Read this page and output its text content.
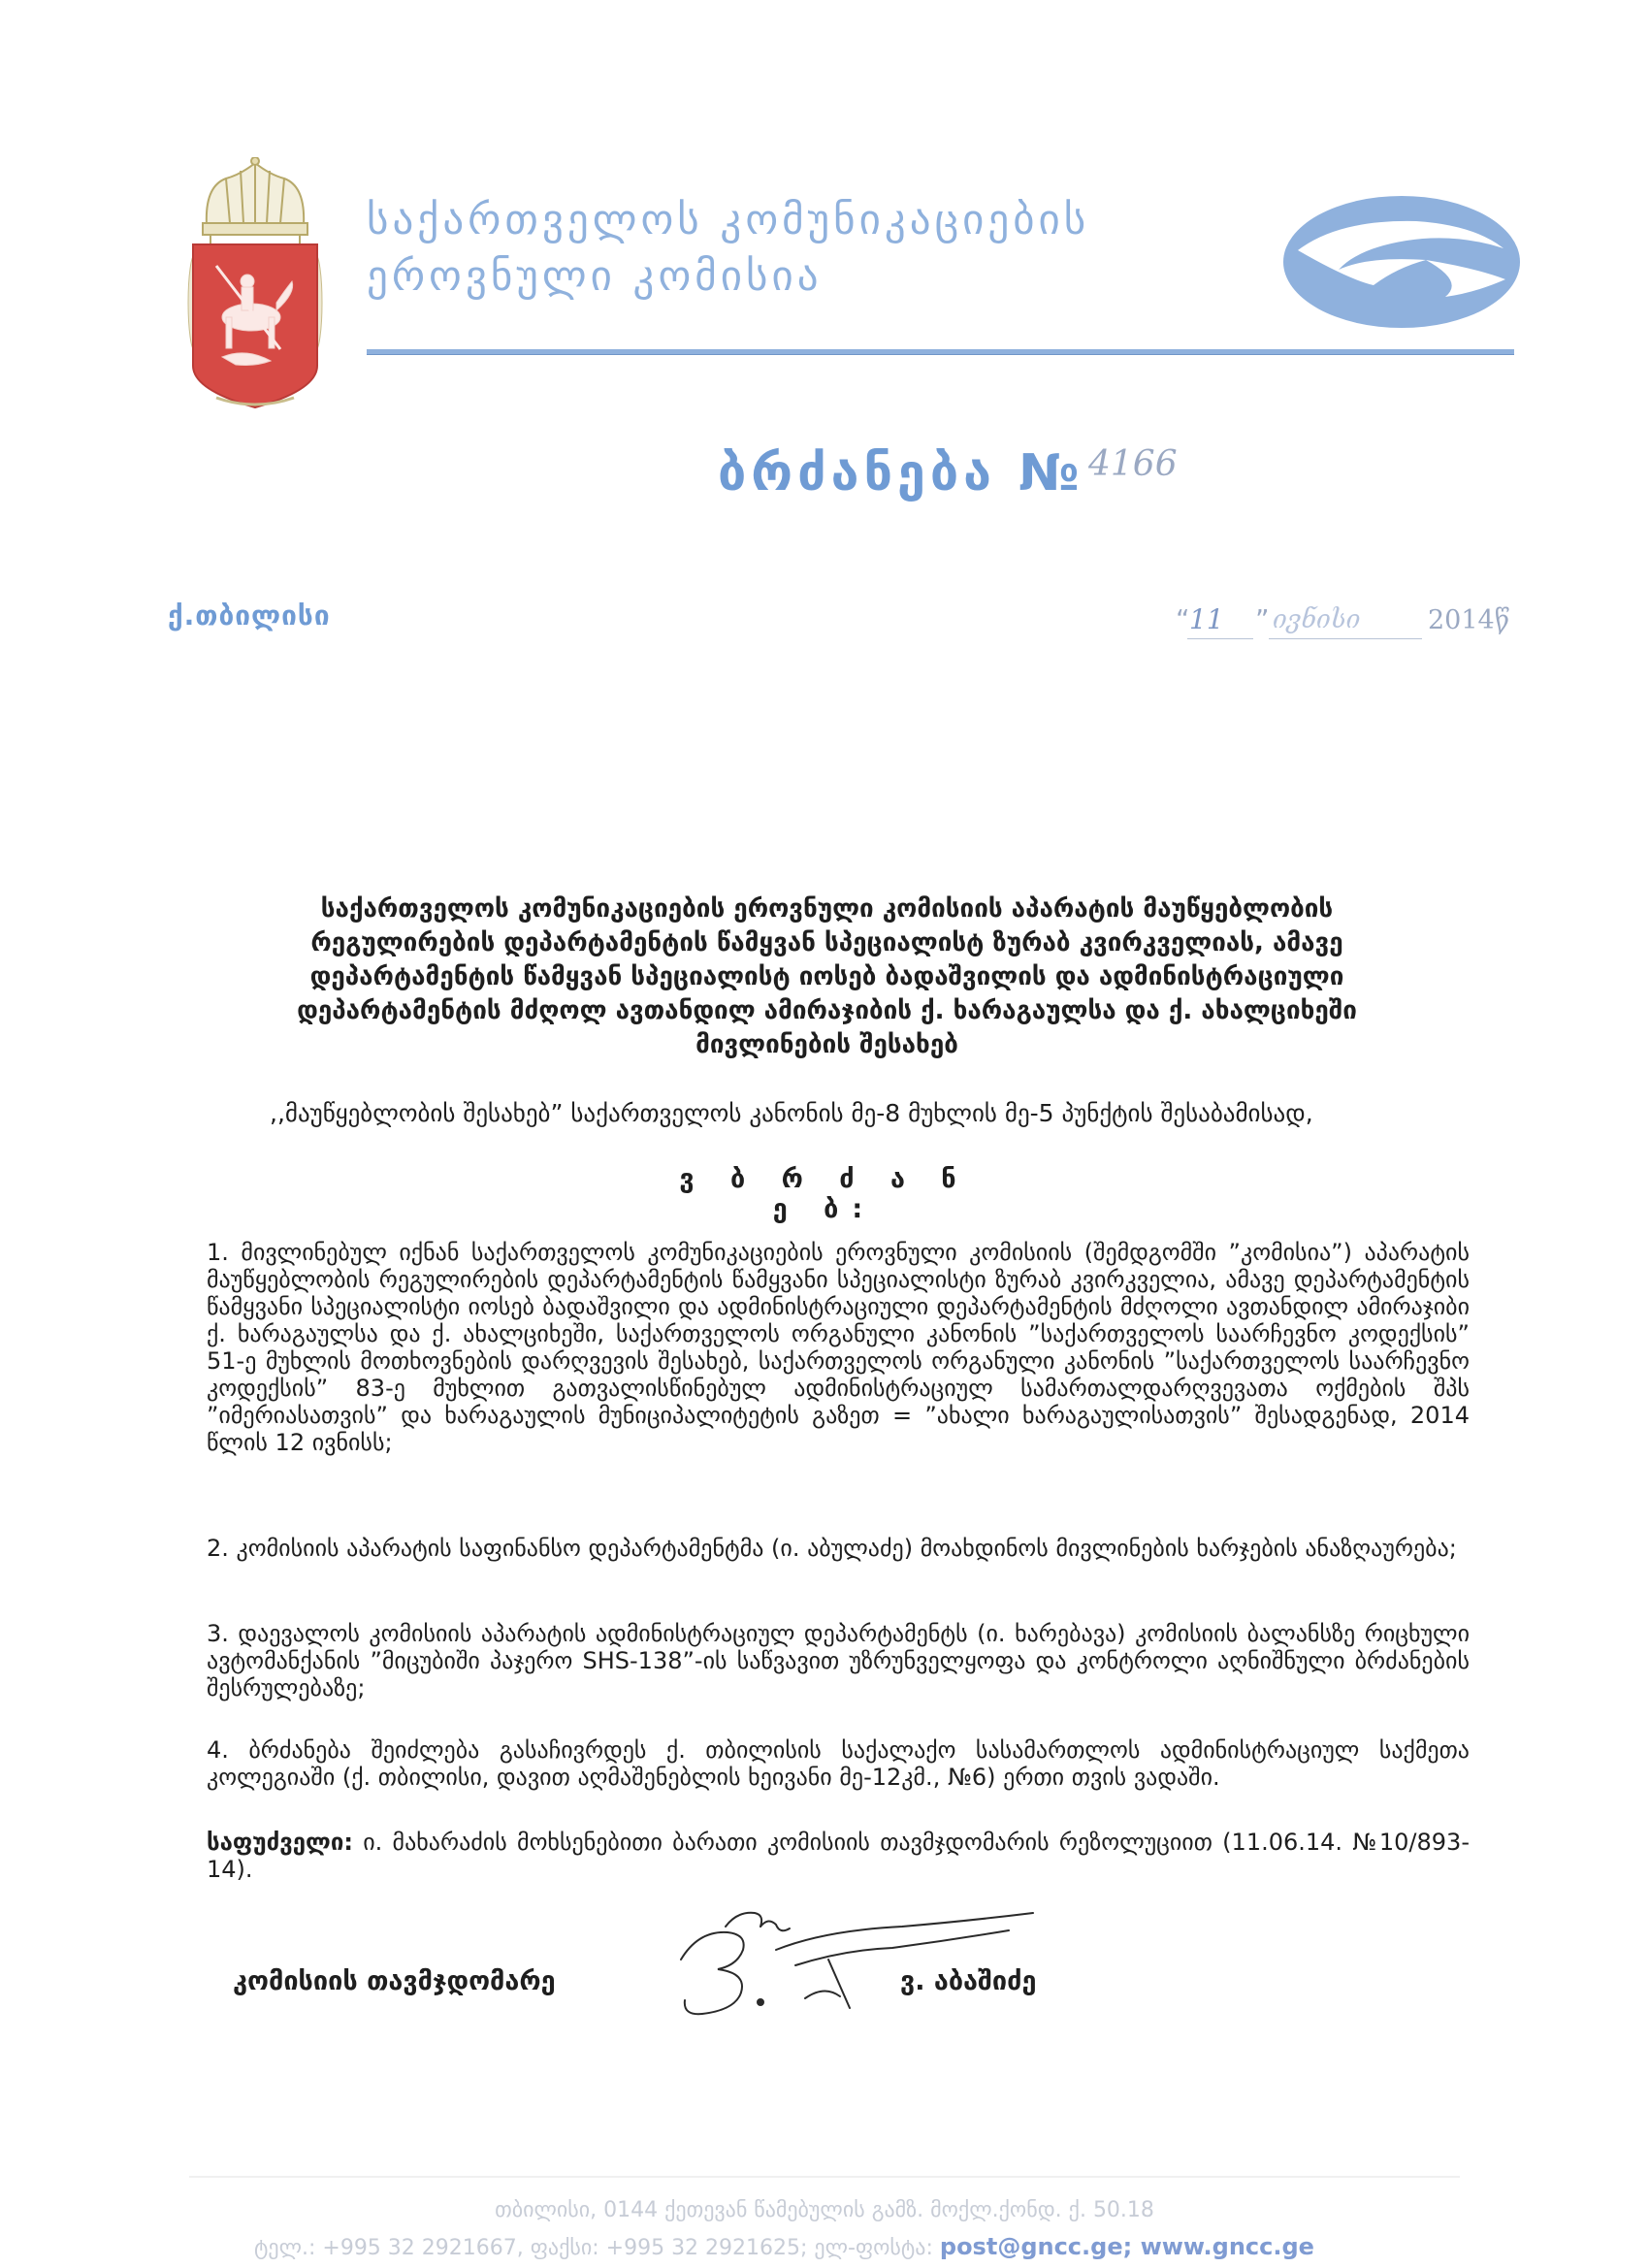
საქართველოს კომუნიკაციების
ეროვნული კომისია
ბრძანება № 4166
ქ.თბილისი	“ 11 ” ივნისი	2014წ
საქართველოს კომუნიკაციების ეროვნული კომისიის აპარატის მაუწყებლობის
რეგულირების დეპარტამენტის წამყვან სპეციალისტ ზურაბ კვირკველიას, ამავე
დეპარტამენტის წამყვან სპეციალისტ იოსებ ბადაშვილის და ადმინისტრაციული
დეპარტამენტის მძღოლ ავთანდილ ამირაჯიბის ქ. ხარაგაულსა და ქ. ახალციხეში
მივლინების შესახებ
,,მაუწყებლობის შესახებ” საქართველოს კანონის მე-8 მუხლის მე-5 პუნქტის შესაბამისად,
ვ ბ რ ძ ა ნ ე ბ:
1. მივლინებულ იქნან საქართველოს კომუნიკაციების ეროვნული კომისიის (შემდგომში ”კომისია”) აპარატის მაუწყებლობის რეგულირების დეპარტამენტის წამყვანი სპეციალისტი ზურაბ კვირკველია, ამავე დეპარტამენტის წამყვანი სპეციალისტი იოსებ ბადაშვილი და ადმინისტრაციული დეპარტამენტის მძღოლი ავთანდილ ამირაჯიბი ქ. ხარაგაულსა და ქ. ახალციხეში, საქართველოს ორგანული კანონის ”საქართველოს საარჩევნო კოდექსის” 51-ე მუხლის მოთხოვნების დარღვევის შესახებ, საქართველოს ორგანული კანონის ”საქართველოს საარჩევნო კოდექსის” 83-ე მუხლით გათვალისწინებულ ადმინისტრაციულ სამართალდარღვევათა ოქმების შპს ”იმერიასათვის” და ხარაგაულის მუნიციპალიტეტის გაზეთ = ”ახალი ხარაგაულისათვის” შესადგენად, 2014 წლის 12 ივნისს;
2. კომისიის აპარატის საფინანსო დეპარტამენტმა (ი. აბულაძე) მოახდინოს მივლინების ხარჯების ანაზღაურება;
3. დაევალოს კომისიის აპარატის ადმინისტრაციულ დეპარტამენტს (ი. ხარებავა) კომისიის ბალანსზე რიცხული ავტომანქანის ”მიცუბიში პაჯერო SHS-138”-ის საწვავით უზრუნველყოფა და კონტროლი აღნიშნული ბრძანების შესრულებაზე;
4. ბრძანება შეიძლება გასაჩივრდეს ქ. თბილისის საქალაქო სასამართლოს ადმინისტრაციულ საქმეთა კოლეგიაში (ქ. თბილისი, დავით აღმაშენებლის ხეივანი მე-12კმ., №6) ერთი თვის ვადაში.
საფუძველი: ი. მახარაძის მოხსენებითი ბარათი კომისიის თავმჯდომარის რეზოლუციით (11.06.14. №10/893-14).
კომისიის თავმჯდომარე	ვ. აბაშიძე
თბილისი, 0144 ქეთევან წამებულის გამზ. მოქლ.ქონდ. ქ. 50.18
ტელ.: +995 32 2921667, ფაქსი: +995 32 2921625; ელ-ფოსტა: post@gncc.ge; www.gncc.ge
